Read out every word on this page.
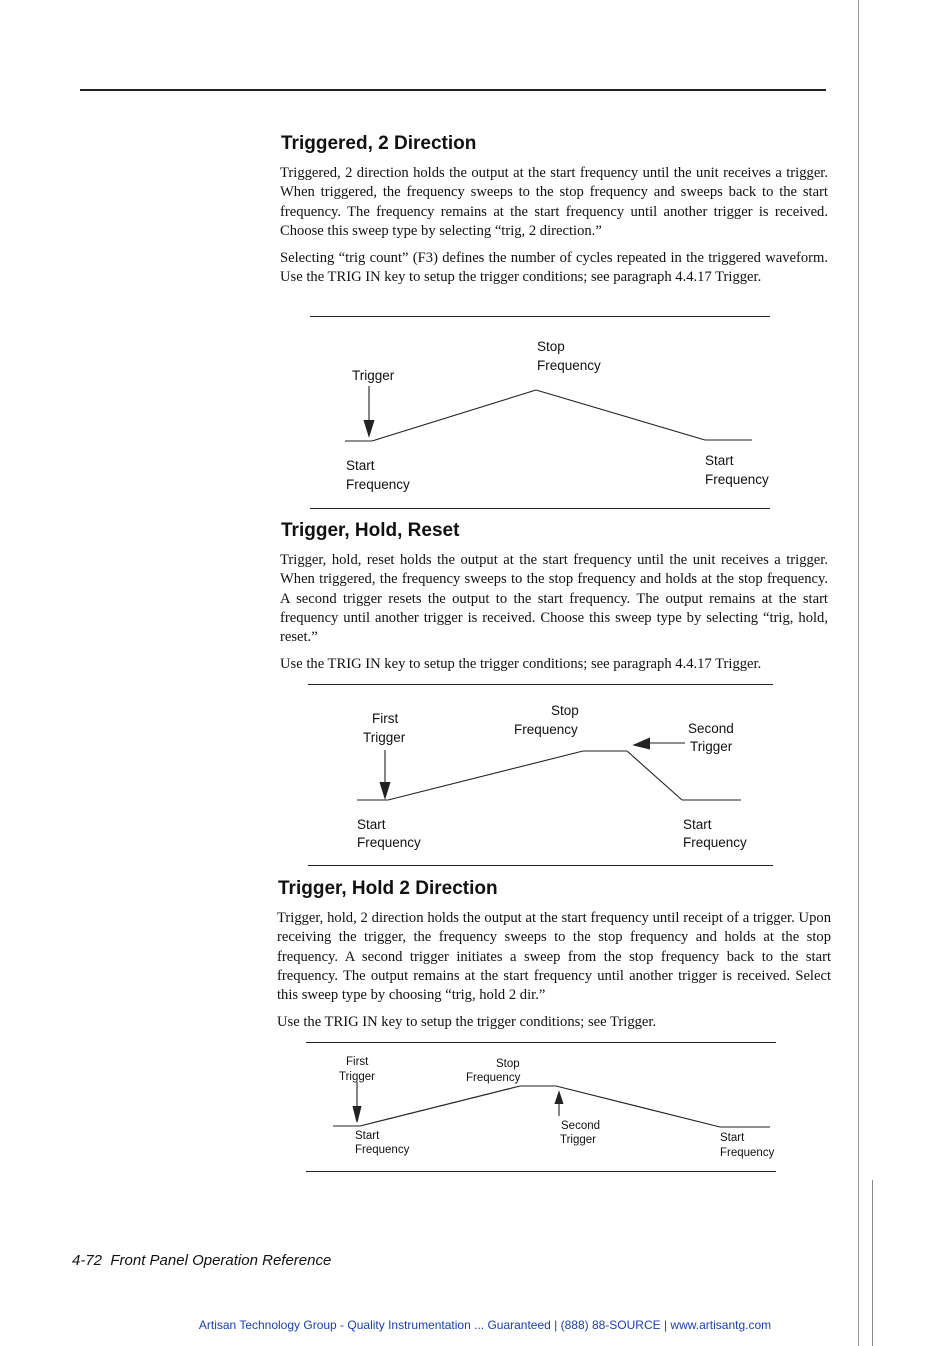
Triggered, 2 Direction

Triggered, 2 direction holds the output at the start frequency until the unit receives a trigger. When triggered, the frequency sweeps to the stop frequency and sweeps back to the start frequency. The frequency remains at the start frequency until another trigger is received. Choose this sweep type by selecting “trig, 2 direction.”

Selecting “trig count” (F3) defines the number of cycles repeated in the triggered waveform. Use the TRIG IN key to setup the trigger conditions; see paragraph 4.4.17 Trigger.

Trigger
Stop
Frequency
Start
Frequency
Start
Frequency
Trigger, Hold, Reset

Trigger, hold, reset holds the output at the start frequency until the unit receives a trigger. When triggered, the frequency sweeps to the stop frequency and holds at the stop frequency. A second trigger resets the output to the start frequency. The output remains at the start frequency until another trigger is received. Choose this sweep type by selecting “trig, hold, reset.”

Use the TRIG IN key to setup the trigger conditions; see paragraph 4.4.17 Trigger.

First
Trigger
Stop
Frequency	Second
Trigger
Start
Frequency
Start
Frequency
Trigger, Hold 2 Direction

Trigger, hold, 2 direction holds the output at the start frequency until receipt of a trigger. Upon receiving the trigger, the frequency sweeps to the stop frequency and holds at the stop frequency. A second trigger initiates a sweep from the stop frequency back to the start frequency. The output remains at the start frequency until another trigger is received. Select this sweep type by choosing “trig, hold 2 dir.”

Use the TRIG IN key to setup the trigger conditions; see Trigger.

First
Trigger
Stop
Frequency
Second
Trigger
Start
Frequency
Start
Frequency
4-72  Front Panel Operation Reference
Artisan Technology Group - Quality Instrumentation ... Guaranteed | (888) 88-SOURCE | www.artisantg.com
